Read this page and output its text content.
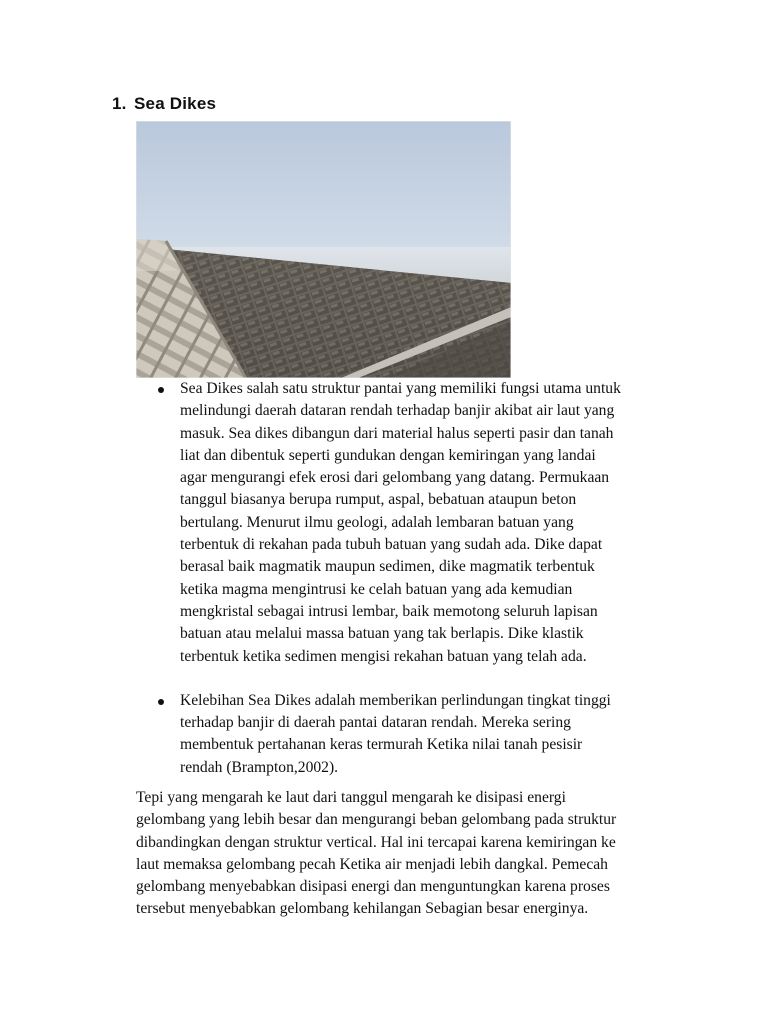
1. Sea Dikes
Sea Dikes salah satu struktur pantai yang memiliki fungsi utama untuk
melindungi daerah dataran rendah terhadap banjir akibat air laut yang
masuk. Sea dikes dibangun dari material halus seperti pasir dan tanah
liat dan dibentuk seperti gundukan dengan kemiringan yang landai
agar mengurangi efek erosi dari gelombang yang datang. Permukaan
tanggul biasanya berupa rumput, aspal, bebatuan ataupun beton
bertulang. Menurut ilmu geologi, adalah lembaran batuan yang
terbentuk di rekahan pada tubuh batuan yang sudah ada. Dike dapat
berasal baik magmatik maupun sedimen, dike magmatik terbentuk
ketika magma mengintrusi ke celah batuan yang ada kemudian
mengkristal sebagai intrusi lembar, baik memotong seluruh lapisan
batuan atau melalui massa batuan yang tak berlapis. Dike klastik
terbentuk ketika sedimen mengisi rekahan batuan yang telah ada.
Kelebihan Sea Dikes adalah memberikan perlindungan tingkat tinggi
terhadap banjir di daerah pantai dataran rendah. Mereka sering
membentuk pertahanan keras termurah Ketika nilai tanah pesisir
rendah (Brampton,2002).

Tepi yang mengarah ke laut dari tanggul mengarah ke disipasi energi
gelombang yang lebih besar dan mengurangi beban gelombang pada struktur
dibandingkan dengan struktur vertical. Hal ini tercapai karena kemiringan ke
laut memaksa gelombang pecah Ketika air menjadi lebih dangkal. Pemecah
gelombang menyebabkan disipasi energi dan menguntungkan karena proses
tersebut menyebabkan gelombang kehilangan Sebagian besar energinya.
